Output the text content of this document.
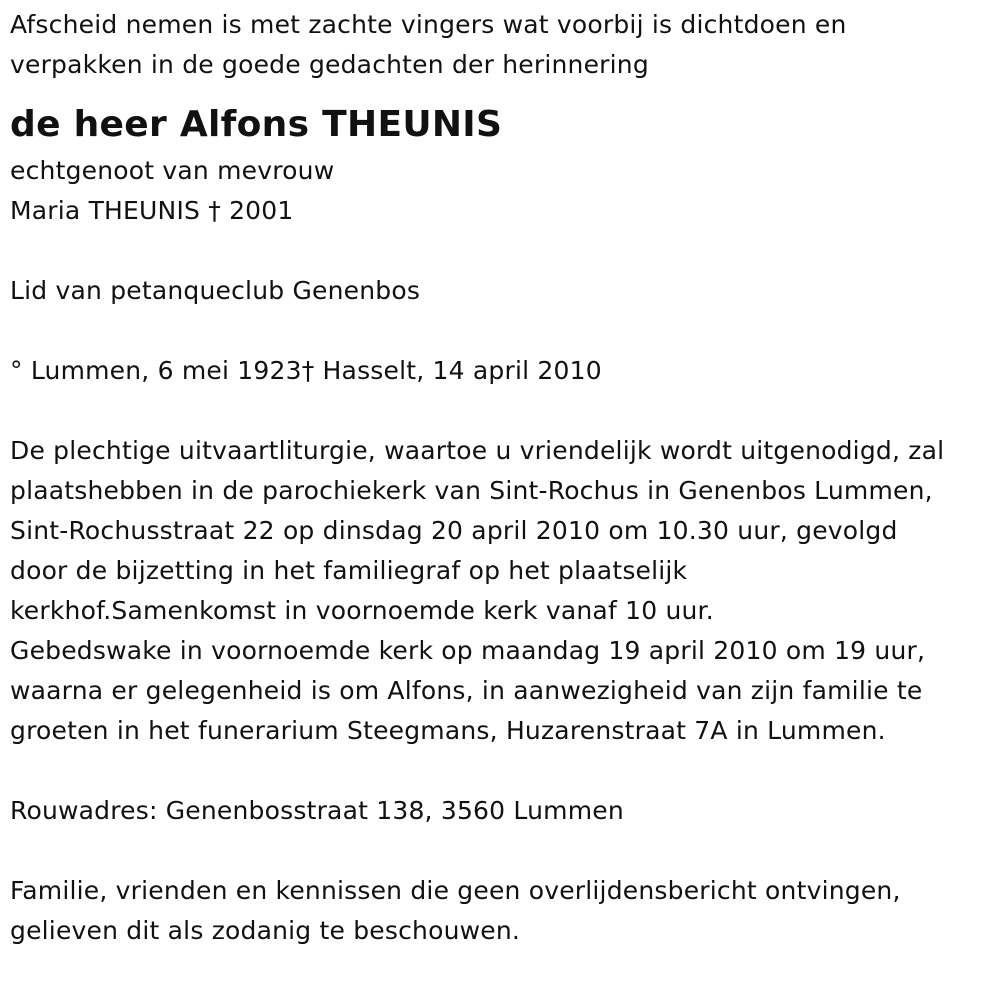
Afscheid nemen is met zachte vingers wat voorbij is dichtdoen en
verpakken in de goede gedachten der herinnering
de heer Alfons THEUNIS
echtgenoot van mevrouw
Maria THEUNIS † 2001
Lid van petanqueclub Genenbos
° Lummen, 6 mei 1923† Hasselt, 14 april 2010
De plechtige uitvaartliturgie, waartoe u vriendelijk wordt uitgenodigd, zal
plaatshebben in de parochiekerk van Sint-Rochus in Genenbos Lummen,
Sint-Rochusstraat 22 op dinsdag 20 april 2010 om 10.30 uur, gevolgd
door de bijzetting in het familiegraf op het plaatselijk
kerkhof.Samenkomst in voornoemde kerk vanaf 10 uur.
Gebedswake in voornoemde kerk op maandag 19 april 2010 om 19 uur,
waarna er gelegenheid is om Alfons, in aanwezigheid van zijn familie te
groeten in het funerarium Steegmans, Huzarenstraat 7A in Lummen.
Rouwadres: Genenbosstraat 138, 3560 Lummen
Familie, vrienden en kennissen die geen overlijdensbericht ontvingen,
gelieven dit als zodanig te beschouwen.
